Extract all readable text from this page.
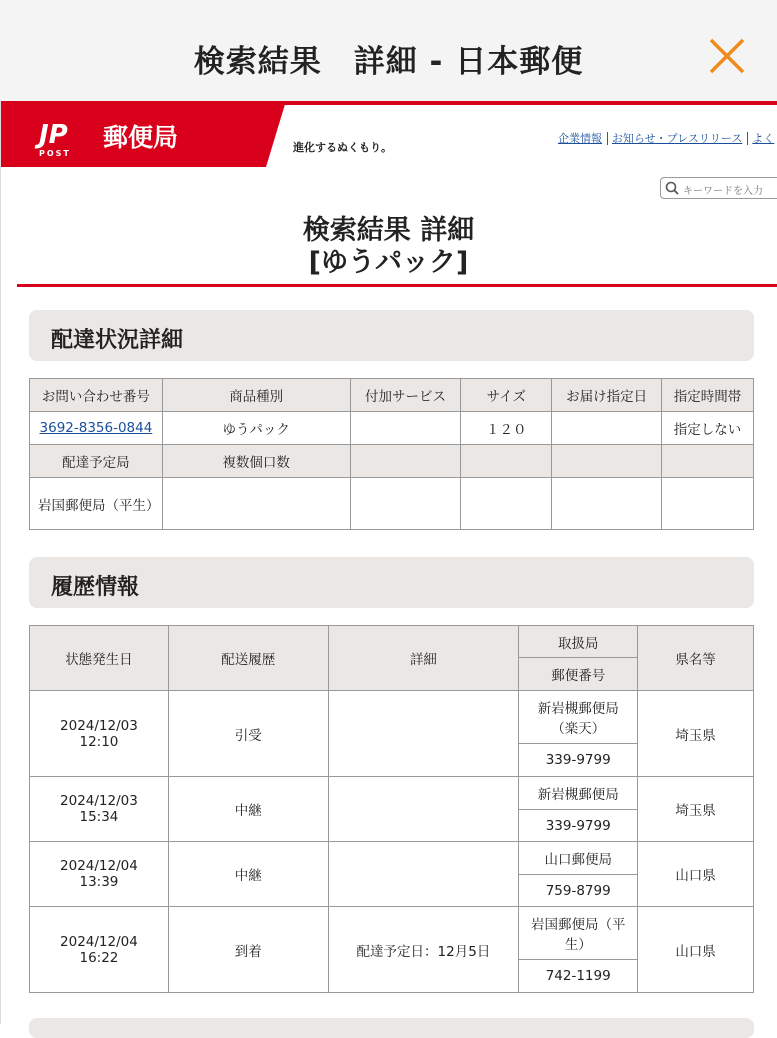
検索結果　詳細 - 日本郵便
JP
POST
郵便局	進化するぬくもり。
企業情報 お知らせ・プレスリリース よく
キーワードを入力
検索結果 詳細
[ゆうパック]
配達状況詳細
お問い合わせ番号	商品種別	付加サービス	サイズ	お届け指定日	指定時間帯
3692-8356-0844	ゆうパック		１２０		指定しない
配達予定局	複数個口数				
岩国郵便局（平生）					
履歴情報
状態発生日	配送履歴	詳細	取扱局	県名等
			郵便番号	

2024/12/03
12:10	引受		新岩槻郵便局（楽天）	埼玉県
			339-9799	

2024/12/03
15:34	中継		新岩槻郵便局	埼玉県
			339-9799	

2024/12/04
13:39	中継		山口郵便局	山口県
			759-8799	

2024/12/04
16:22	到着	配達予定日：12月5日	岩国郵便局（平生）	山口県
			742-1199	
